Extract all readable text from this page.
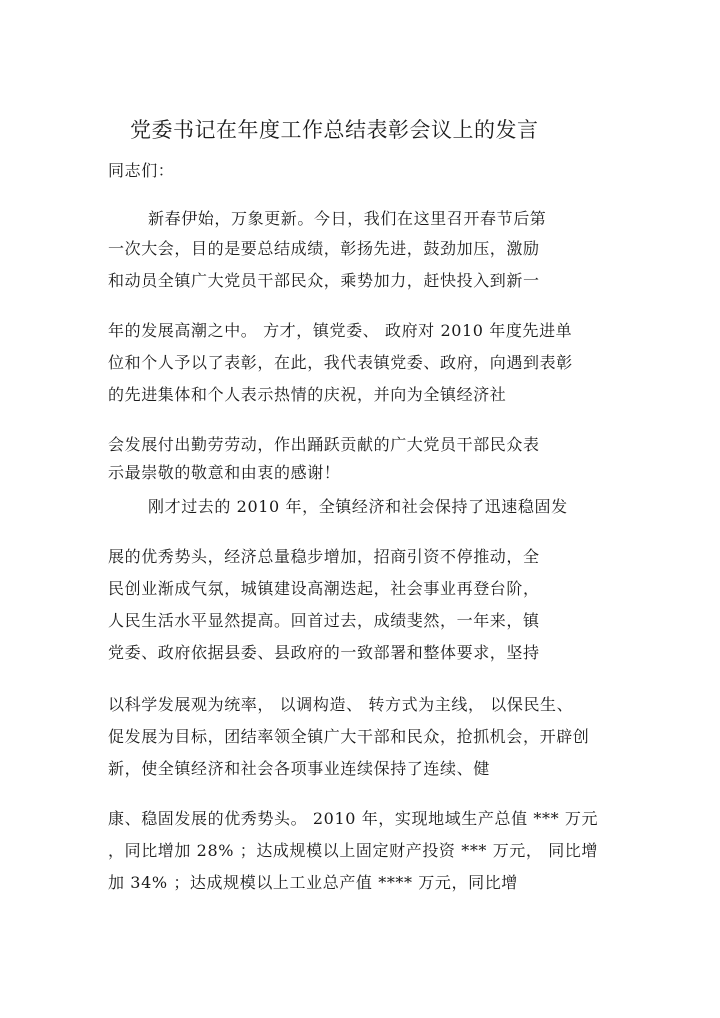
党委书记在年度工作总结表彰会议上的发言
同志们：
新春伊始，万象更新。今日，我们在这里召开春节后第
一次大会，目的是要总结成绩，彰扬先进，鼓劲加压，激励
和动员全镇广大党员干部民众，乘势加力，赶快投入到新一
年的发展高潮之中。 方才，镇党委、 政府对 2010 年度先进单
位和个人予以了表彰，在此，我代表镇党委、政府，向遇到表彰
的先进集体和个人表示热情的庆祝，并向为全镇经济社
会发展付出勤劳劳动，作出踊跃贡献的广大党员干部民众表
示最崇敬的敬意和由衷的感谢！
刚才过去的 2010 年，全镇经济和社会保持了迅速稳固发
展的优秀势头，经济总量稳步增加，招商引资不停推动，全
民创业渐成气氛，城镇建设高潮迭起，社会事业再登台阶，
人民生活水平显然提高。回首过去，成绩斐然，一年来，镇
党委、政府依据县委、县政府的一致部署和整体要求，坚持
以科学发展观为统率， 以调构造、 转方式为主线， 以保民生、
促发展为目标，团结率领全镇广大干部和民众，抢抓机会，开辟创
新，使全镇经济和社会各项事业连续保持了连续、健
康、稳固发展的优秀势头。 2010 年，实现地域生产总值 *** 万元
，同比增加 28% ；达成规模以上固定财产投资 *** 万元， 同比增
加 34% ；达成规模以上工业总产值 **** 万元，同比增
